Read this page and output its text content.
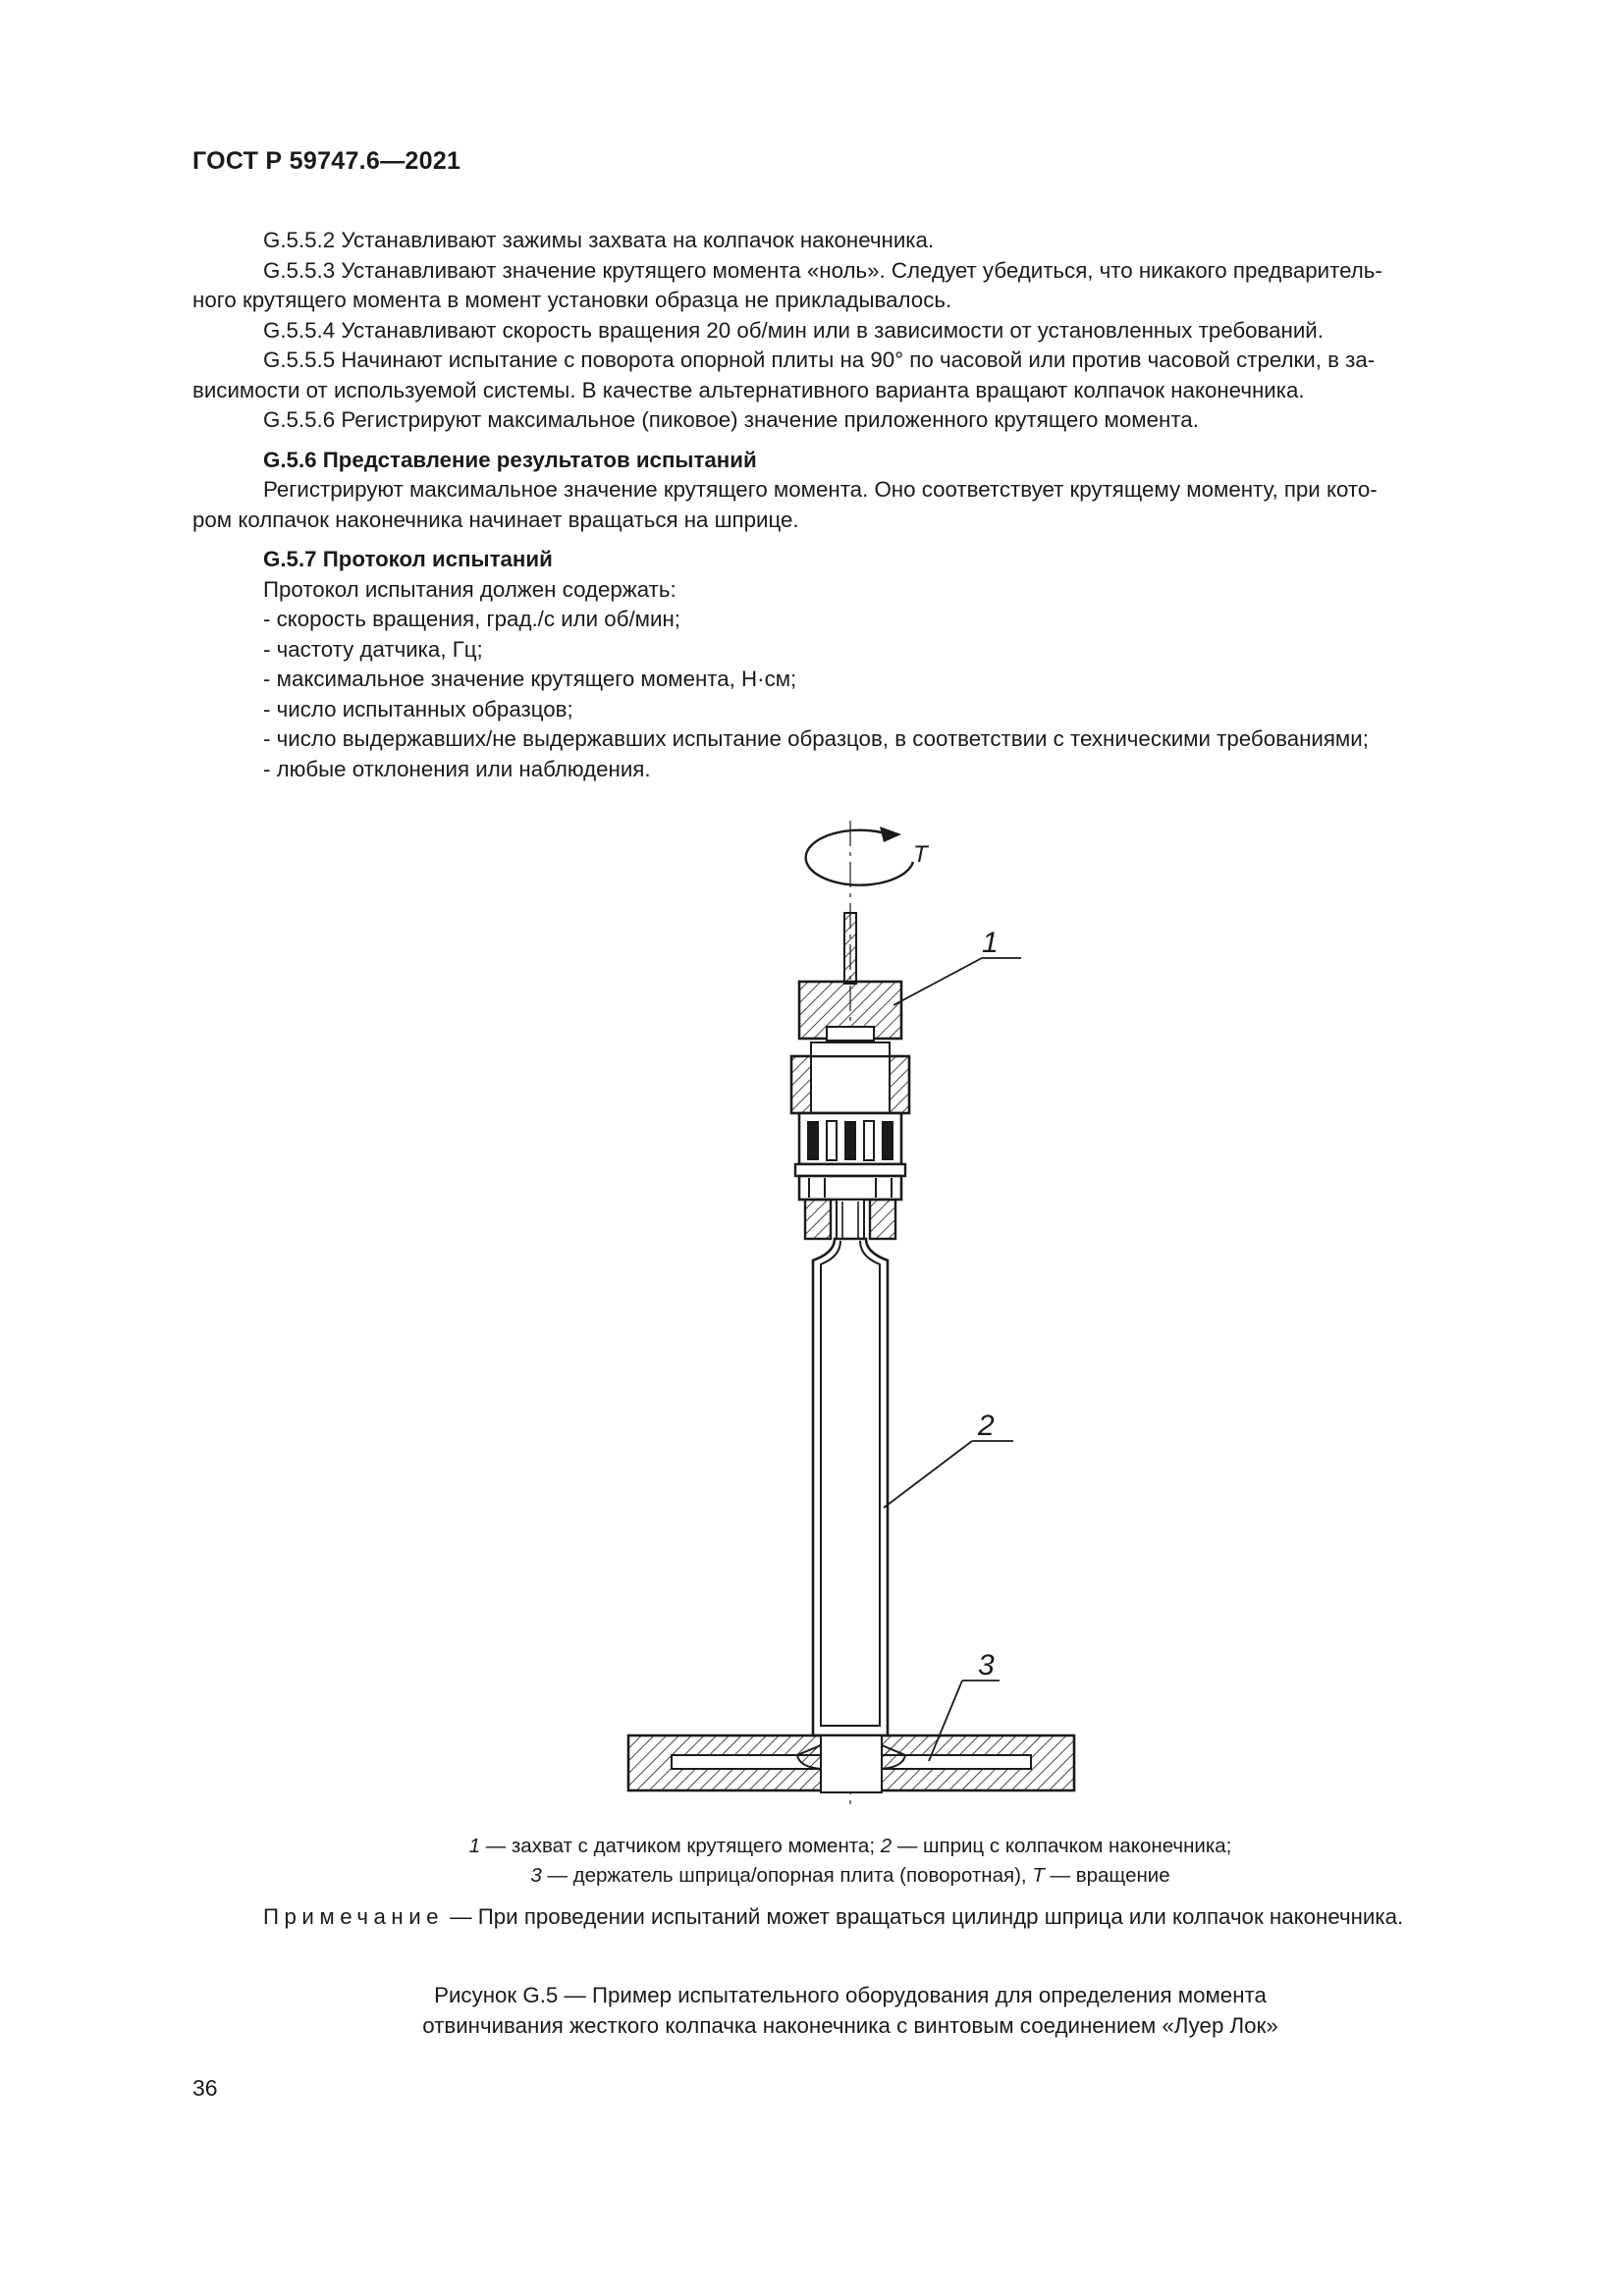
ГОСТ Р 59747.6—2021

G.5.5.2 Устанавливают зажимы захвата на колпачок наконечника.

G.5.5.3 Устанавливают значение крутящего момента «ноль». Следует убедиться, что никакого предваритель-

ного крутящего момента в момент установки образца не прикладывалось.

G.5.5.4 Устанавливают скорость вращения 20 об/мин или в зависимости от установленных требований.

G.5.5.5 Начинают испытание с поворота опорной плиты на 90° по часовой или против часовой стрелки, в за-

висимости от используемой системы. В качестве альтернативного варианта вращают колпачок наконечника.

G.5.5.6 Регистрируют максимальное (пиковое) значение приложенного крутящего момента.

G.5.6 Представление результатов испытаний

Регистрируют максимальное значение крутящего момента. Оно соответствует крутящему моменту, при кото-

ром колпачок наконечника начинает вращаться на шприце.

G.5.7 Протокол испытаний

Протокол испытания должен содержать:

- скорость вращения, град./с или об/мин;

- частоту датчика, Гц;

- максимальное значение крутящего момента, Н·см;

- число испытанных образцов;

- число выдержавших/не выдержавших испытание образцов, в соответствии с техническими требованиями;

- любые отклонения или наблюдения.

T
1
2
3
1 — захват с датчиком крутящего момента; 2 — шприц с колпачком наконечника;
3 — держатель шприца/опорная плита (поворотная), T — вращение
Примечание — При проведении испытаний может вращаться цилиндр шприца или колпачок наконечника.
Рисунок G.5 — Пример испытательного оборудования для определения момента
отвинчивания жесткого колпачка наконечника с винтовым соединением «Луер Лок»
36
